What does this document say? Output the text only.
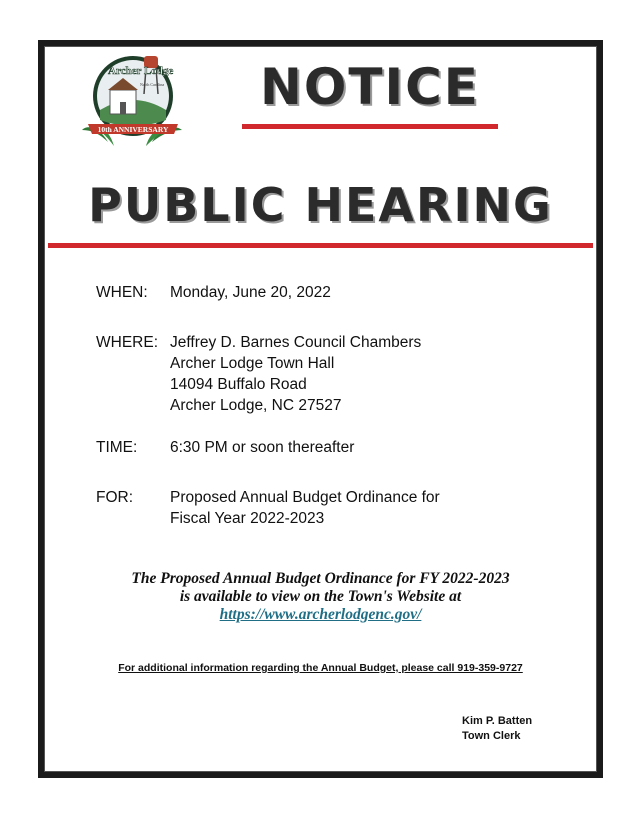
Archer Lodge
North Carolina
10th ANNIVERSARY
NOTICE
PUBLIC HEARING
WHEN:	Monday, June 20, 2022
WHERE: Jeffrey D. Barnes Council Chambers
Archer Lodge Town Hall
14094 Buffalo Road
Archer Lodge, NC 27527
TIME:	6:30 PM or soon thereafter
FOR:	Proposed Annual Budget Ordinance for
Fiscal Year 2022-2023
The Proposed Annual Budget Ordinance for FY 2022-2023
is available to view on the Town's Website at
https://www.archerlodgenc.gov/
For additional information regarding the Annual Budget, please call 919-359-9727
Kim P. Batten
Town Clerk
